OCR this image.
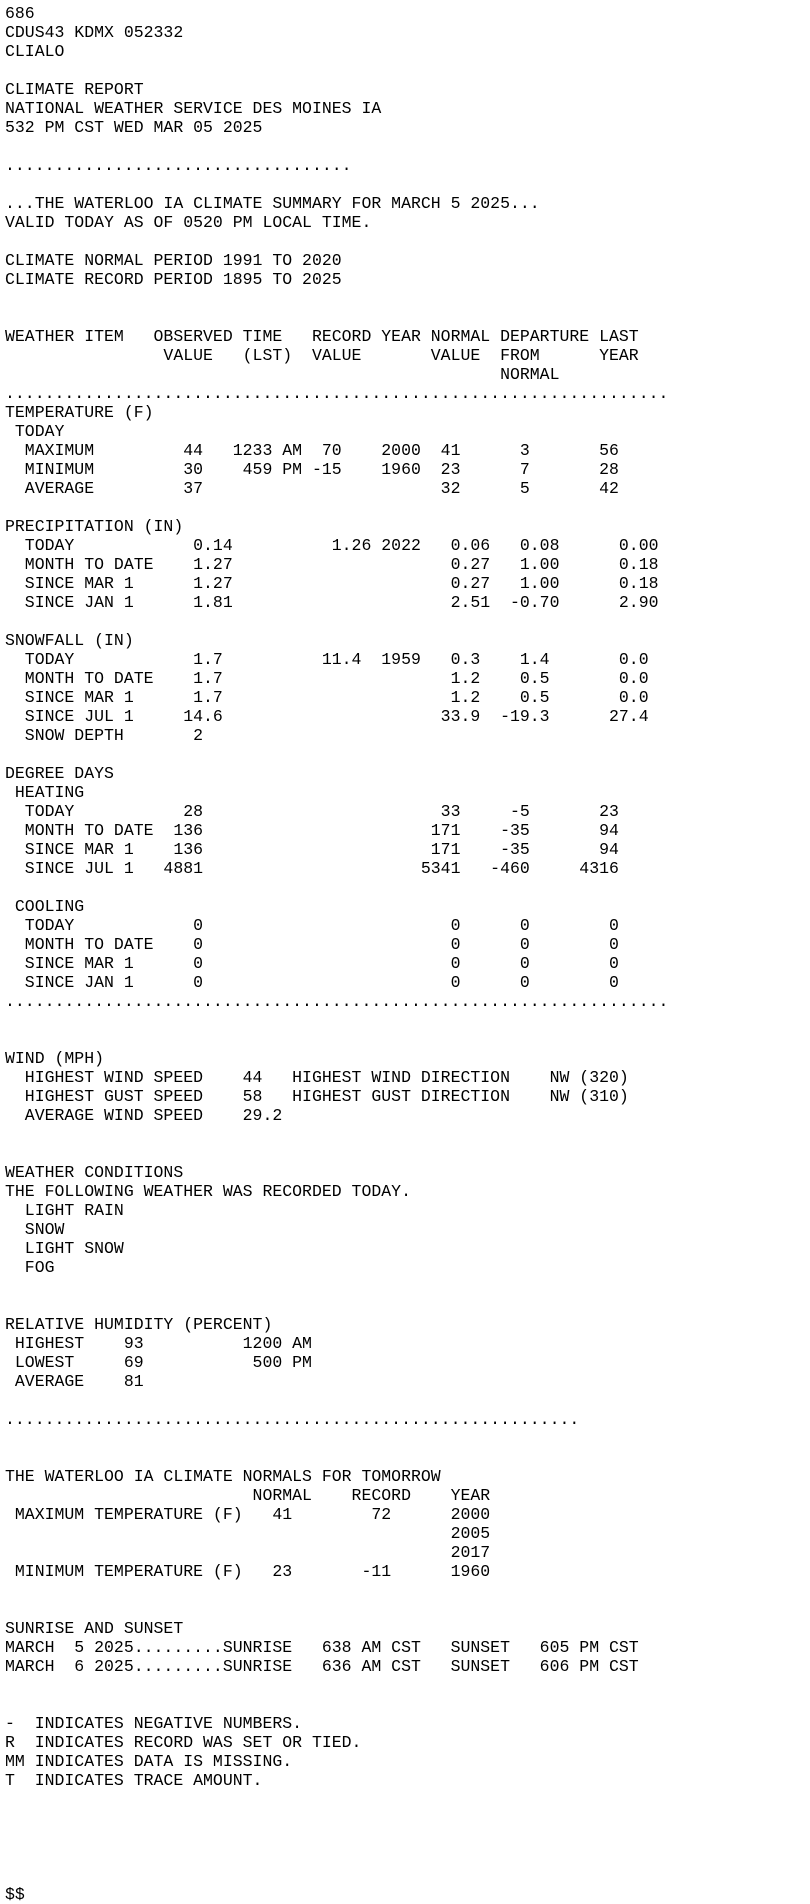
686
CDUS43 KDMX 052332
CLIALO
CLIMATE REPORT
NATIONAL WEATHER SERVICE DES MOINES IA
532 PM CST WED MAR 05 2025
...................................
...THE WATERLOO IA CLIMATE SUMMARY FOR MARCH 5 2025...
VALID TODAY AS OF 0520 PM LOCAL TIME.
CLIMATE NORMAL PERIOD 1991 TO 2020
CLIMATE RECORD PERIOD 1895 TO 2025
WEATHER ITEM   OBSERVED TIME   RECORD YEAR NORMAL DEPARTURE LAST
VALUE   (LST)  VALUE       VALUE  FROM      YEAR
NORMAL
...................................................................
TEMPERATURE (F)
TODAY
MAXIMUM         44   1233 AM  70    2000  41      3       56
MINIMUM         30    459 PM -15    1960  23      7       28
AVERAGE         37                        32      5       42
PRECIPITATION (IN)
TODAY            0.14          1.26 2022   0.06   0.08      0.00
MONTH TO DATE    1.27                      0.27   1.00      0.18
SINCE MAR 1      1.27                      0.27   1.00      0.18
SINCE JAN 1      1.81                      2.51  -0.70      2.90
SNOWFALL (IN)
TODAY            1.7          11.4  1959   0.3    1.4       0.0
MONTH TO DATE    1.7                       1.2    0.5       0.0
SINCE MAR 1      1.7                       1.2    0.5       0.0
SINCE JUL 1     14.6                      33.9  -19.3      27.4
SNOW DEPTH       2
DEGREE DAYS
HEATING
TODAY           28                        33     -5       23
MONTH TO DATE  136                       171    -35       94
SINCE MAR 1    136                       171    -35       94
SINCE JUL 1   4881                      5341   -460     4316
COOLING
TODAY            0                         0      0        0
MONTH TO DATE    0                         0      0        0
SINCE MAR 1      0                         0      0        0
SINCE JAN 1      0                         0      0        0
...................................................................
WIND (MPH)
HIGHEST WIND SPEED    44   HIGHEST WIND DIRECTION    NW (320)
HIGHEST GUST SPEED    58   HIGHEST GUST DIRECTION    NW (310)
AVERAGE WIND SPEED    29.2
WEATHER CONDITIONS
THE FOLLOWING WEATHER WAS RECORDED TODAY.
LIGHT RAIN
SNOW
LIGHT SNOW
FOG
RELATIVE HUMIDITY (PERCENT)
HIGHEST    93          1200 AM
LOWEST     69           500 PM
AVERAGE    81
..........................................................
THE WATERLOO IA CLIMATE NORMALS FOR TOMORROW
NORMAL    RECORD    YEAR
MAXIMUM TEMPERATURE (F)   41        72      2000
2005
2017
MINIMUM TEMPERATURE (F)   23       -11      1960
SUNRISE AND SUNSET
MARCH  5 2025.........SUNRISE   638 AM CST   SUNSET   605 PM CST
MARCH  6 2025.........SUNRISE   636 AM CST   SUNSET   606 PM CST
-  INDICATES NEGATIVE NUMBERS.
R  INDICATES RECORD WAS SET OR TIED.
MM INDICATES DATA IS MISSING.
T  INDICATES TRACE AMOUNT.
$$
